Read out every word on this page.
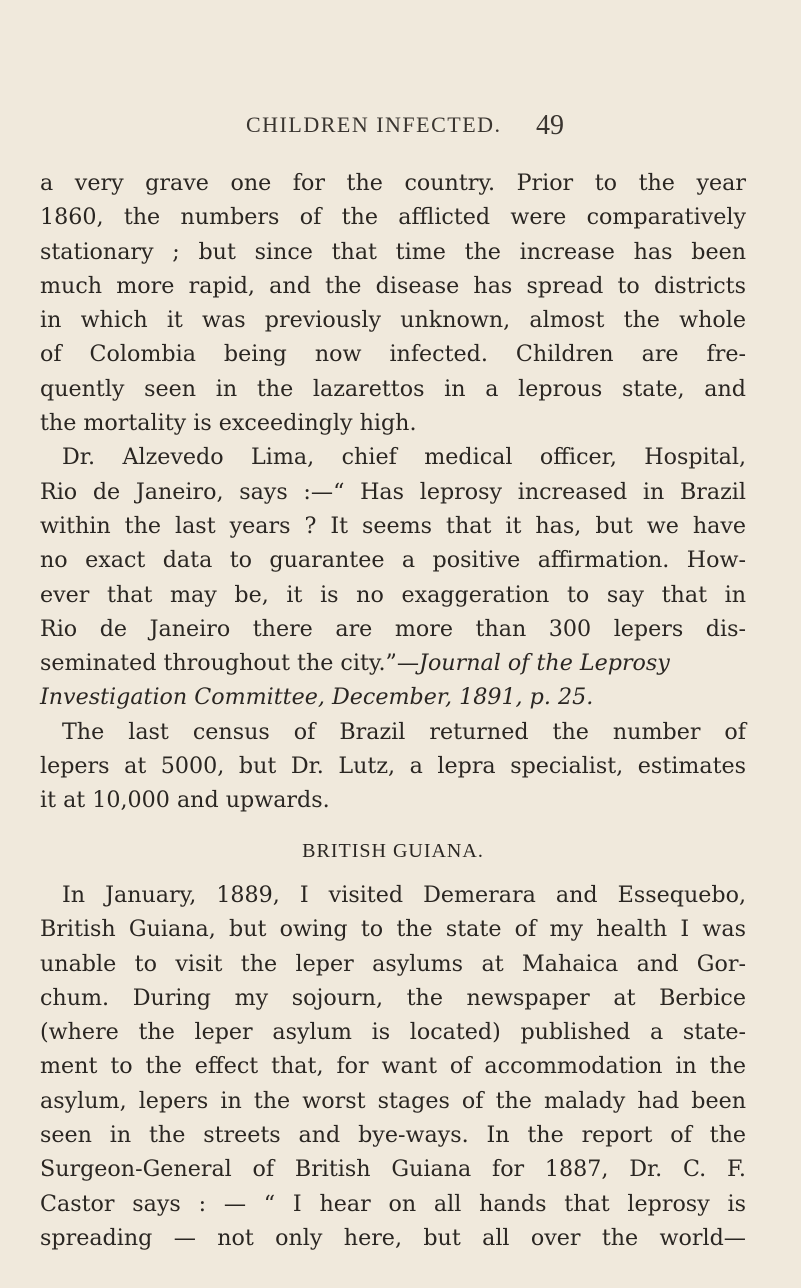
CHILDREN INFECTED. 49
a very grave one for the country. Prior to the year
1860, the numbers of the afflicted were comparatively
stationary ; but since that time the increase has been
much more rapid, and the disease has spread to districts
in which it was previously unknown, almost the whole
of Colombia being now infected. Children are fre-
quently seen in the lazarettos in a leprous state, and
the mortality is exceedingly high.
Dr. Alzevedo Lima, chief medical officer, Hospital,
Rio de Janeiro, says :—“ Has leprosy increased in Brazil
within the last years ? It seems that it has, but we have
no exact data to guarantee a positive affirmation. How-
ever that may be, it is no exaggeration to say that in
Rio de Janeiro there are more than 300 lepers dis-
seminated throughout the city.”—Journal of the Leprosy
Investigation Committee, December, 1891, p. 25.
The last census of Brazil returned the number of
lepers at 5000, but Dr. Lutz, a lepra specialist, estimates
it at 10,000 and upwards.
BRITISH GUIANA.
In January, 1889, I visited Demerara and Essequebo,
British Guiana, but owing to the state of my health I was
unable to visit the leper asylums at Mahaica and Gor-
chum. During my sojourn, the newspaper at Berbice
(where the leper asylum is located) published a state-
ment to the effect that, for want of accommodation in the
asylum, lepers in the worst stages of the malady had been
seen in the streets and bye-ways. In the report of the
Surgeon-General of British Guiana for 1887, Dr. C. F.
Castor says : — “ I hear on all hands that leprosy is
spreading — not only here, but all over the world—
